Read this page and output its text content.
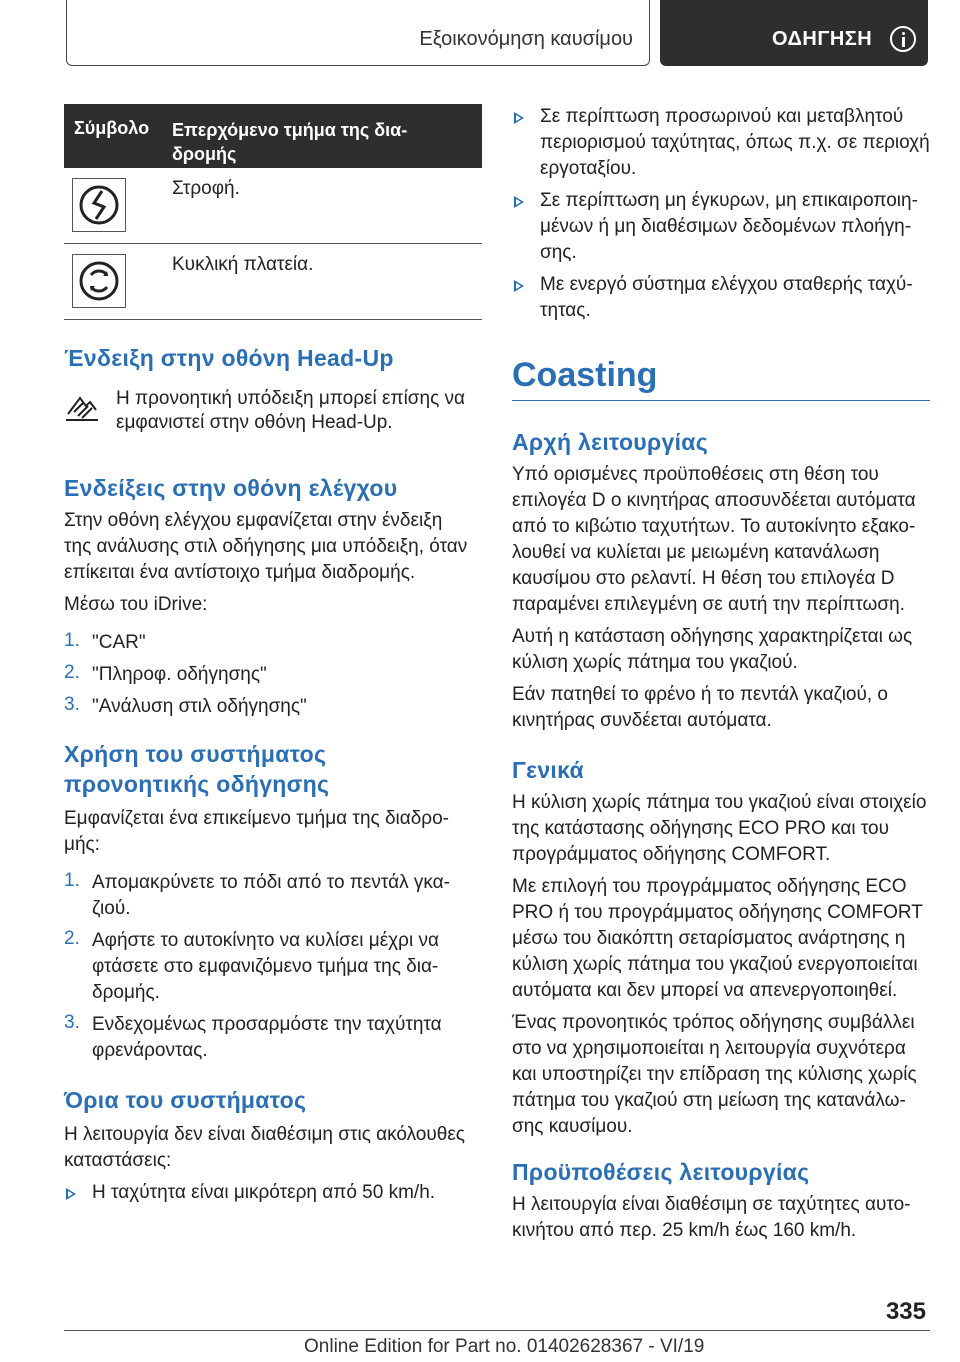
Εξοικονόμηση καυσίμου	ΟΔΗΓΗΣΗ
Σύμβολο Επερχόμενο τμήμα της δια- δρομής
Στροφή.
Κυκλική πλατεία.
Ένδειξη στην οθόνη Head-Up
Η προνοητική υπόδειξη μπορεί επίσης να
εμφανιστεί στην οθόνη Head-Up.
Ενδείξεις στην οθόνη ελέγχου
Στην οθόνη ελέγχου εμφανίζεται στην ένδειξη
της ανάλυσης στιλ οδήγησης μια υπόδειξη, όταν
επίκειται ένα αντίστοιχο τμήμα διαδρομής.
Μέσω του iDrive:
1. "CAR"
2. "Πληροφ. οδήγησης"
3. "Ανάλυση στιλ οδήγησης"
Χρήση του συστήματος
προνοητικής οδήγησης
Εμφανίζεται ένα επικείμενο τμήμα της διαδρο-
μής:
1. Απομακρύνετε το πόδι από το πεντάλ γκα-
ζιού.
2. Αφήστε το αυτοκίνητο να κυλίσει μέχρι να
φτάσετε στο εμφανιζόμενο τμήμα της δια-
δρομής.
3. Ενδεχομένως προσαρμόστε την ταχύτητα
φρενάροντας.
Όρια του συστήματος
Η λειτουργία δεν είναι διαθέσιμη στις ακόλουθες
καταστάσεις:
Η ταχύτητα είναι μικρότερη από 50 km/h.
Σε περίπτωση προσωρινού και μεταβλητού
περιορισμού ταχύτητας, όπως π.χ. σε περιοχή
εργοταξίου.
Σε περίπτωση μη έγκυρων, μη επικαιροποιη-
μένων ή μη διαθέσιμων δεδομένων πλοήγη-
σης.
Με ενεργό σύστημα ελέγχου σταθερής ταχύ-
τητας.
Coasting
Αρχή λειτουργίας
Υπό ορισμένες προϋποθέσεις στη θέση του
επιλογέα D ο κινητήρας αποσυνδέεται αυτόματα
από το κιβώτιο ταχυτήτων. Το αυτοκίνητο εξακο-
λουθεί να κυλίεται με μειωμένη κατανάλωση
καυσίμου στο ρελαντί. Η θέση του επιλογέα D
παραμένει επιλεγμένη σε αυτή την περίπτωση.
Αυτή η κατάσταση οδήγησης χαρακτηρίζεται ως
κύλιση χωρίς πάτημα του γκαζιού.
Εάν πατηθεί το φρένο ή το πεντάλ γκαζιού, ο
κινητήρας συνδέεται αυτόματα.
Γενικά
Η κύλιση χωρίς πάτημα του γκαζιού είναι στοιχείο
της κατάστασης οδήγησης ECO PRO και του
προγράμματος οδήγησης COMFORT.
Με επιλογή του προγράμματος οδήγησης ECO
PRO ή του προγράμματος οδήγησης COMFORT
μέσω του διακόπτη σεταρίσματος ανάρτησης η
κύλιση χωρίς πάτημα του γκαζιού ενεργοποιείται
αυτόματα και δεν μπορεί να απενεργοποιηθεί.
Ένας προνοητικός τρόπος οδήγησης συμβάλλει
στο να χρησιμοποιείται η λειτουργία συχνότερα
και υποστηρίζει την επίδραση της κύλισης χωρίς
πάτημα του γκαζιού στη μείωση της κατανάλω-
σης καυσίμου.
Προϋποθέσεις λειτουργίας
Η λειτουργία είναι διαθέσιμη σε ταχύτητες αυτο-
κινήτου από περ. 25 km/h έως 160 km/h.
335
Online Edition for Part no. 01402628367 - VI/19
